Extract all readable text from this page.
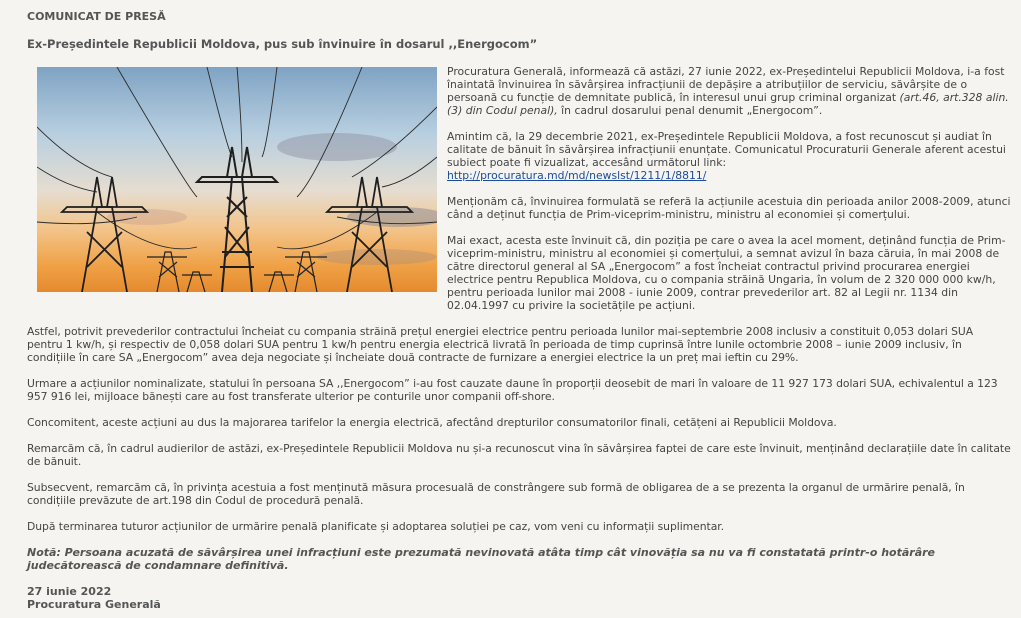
COMUNICAT DE PRESĂ
Ex-Președintele Republicii Moldova, pus sub învinuire în dosarul ,,Energocom”

Procuratura Generală, informează că astăzi, 27 iunie 2022, ex-Președintelui Republicii Moldova, i-a fost înaintată învinuirea în săvârșirea infracțiunii de depășire a atribuțiilor de serviciu, săvârșite de o persoană cu funcție de demnitate publică, în interesul unui grup criminal organizat (art.46, art.328 alin.(3) din Codul penal), în cadrul dosarului penal denumit „Energocom”.

Amintim că, la 29 decembrie 2021, ex-Președintele Republicii Moldova, a fost recunoscut și audiat în calitate de bănuit în săvârșirea infracțiunii enunțate. Comunicatul Procuraturii Generale aferent acestui subiect poate fi vizualizat, accesând următorul link:
http://procuratura.md/md/newslst/1211/1/8811/

Menționăm că, învinuirea formulată se referă la acțiunile acestuia din perioada anilor 2008-2009, atunci când a deținut funcția de Prim-viceprim-ministru, ministru al economiei și comerțului.

Mai exact, acesta este învinuit că, din poziția pe care o avea la acel moment, deținând funcția de Prim-viceprim-ministru, ministru al economiei și comerțului, a semnat avizul în baza căruia, în mai 2008 de către directorul general al SA „Energocom” a fost încheiat contractul privind procurarea energiei electrice pentru Republica Moldova, cu o compania străină Ungaria, în volum de 2 320 000 000 kw/h, pentru perioada lunilor mai 2008 - iunie 2009, contrar prevederilor art. 82 al Legii nr. 1134 din 02.04.1997 cu privire la societățile pe acțiuni.

Astfel, potrivit prevederilor contractului încheiat cu compania străină prețul energiei electrice pentru perioada lunilor mai-septembrie 2008 inclusiv a constituit 0,053 dolari SUA pentru 1 kw/h, și respectiv de 0,058 dolari SUA pentru 1 kw/h pentru energia electrică livrată în perioada de timp cuprinsă între lunile octombrie 2008 – iunie 2009 inclusiv, în condițiile în care SA „Energocom” avea deja negociate și încheiate două contracte de furnizare a energiei electrice la un preț mai ieftin cu 29%.

Urmare a acțiunilor nominalizate, statului în persoana SA ,,Energocom” i-au fost cauzate daune în proporții deosebit de mari în valoare de 11 927 173 dolari SUA, echivalentul a 123 957 916 lei, mijloace bănești care au fost transferate ulterior pe conturile unor companii off-shore.

Concomitent, aceste acțiuni au dus la majorarea tarifelor la energia electrică, afectând drepturilor consumatorilor finali, cetățeni ai Republicii Moldova.

Remarcăm că, în cadrul audierilor de astăzi, ex-Președintele Republicii Moldova nu și-a recunoscut vina în săvârșirea faptei de care este învinuit, menținând declarațiile date în calitate de bănuit.

Subsecvent, remarcăm că, în privința acestuia a fost menținută măsura procesuală de constrângere sub formă de obligarea de a se prezenta la organul de urmărire penală, în condițiile prevăzute de art.198 din Codul de procedură penală.

După terminarea tuturor acțiunilor de urmărire penală planificate și adoptarea soluției pe caz, vom veni cu informații suplimentar.

Notă: Persoana acuzată de săvârșirea unei infracțiuni este prezumată nevinovată atâta timp cât vinovăția sa nu va fi constatată printr-o hotărâre judecătorească de condamnare definitivă.

27 iunie 2022
Procuratura Generală
